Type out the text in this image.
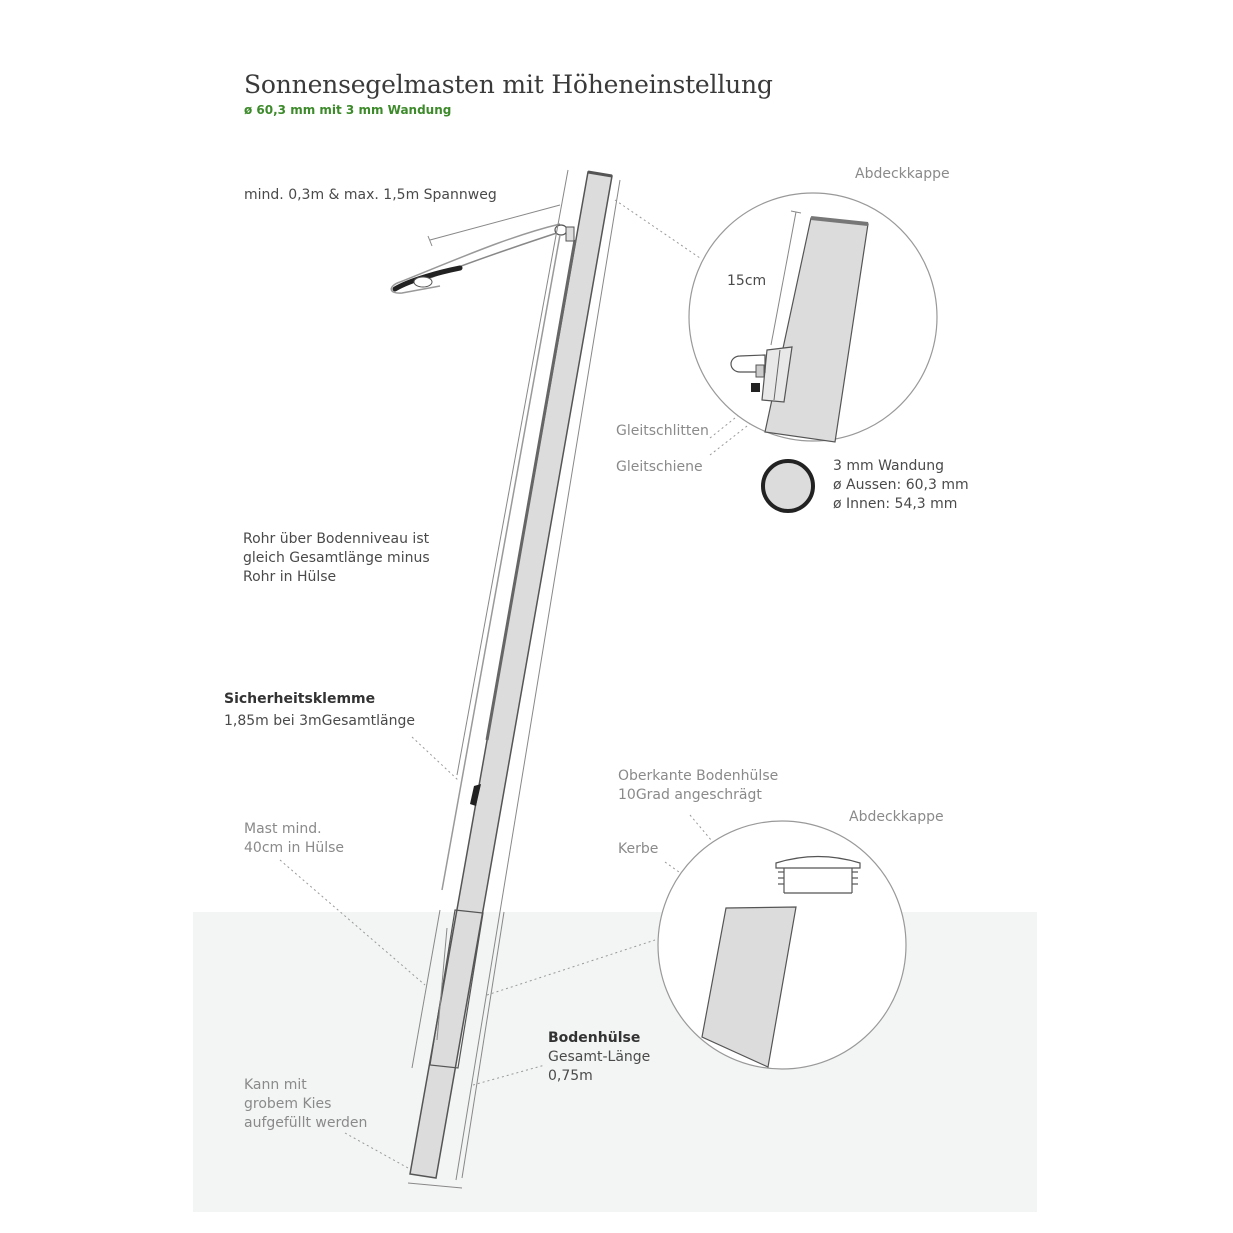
Sonnensegelmasten mit Höheneinstellung
ø 60,3 mm mit 3 mm Wandung
mind. 0,3m & max. 1,5m Spannweg
Abdeckkappe
15cm
Gleitschlitten
Gleitschiene	3 mm Wandung
ø Aussen: 60,3 mm
ø Innen: 54,3 mm
Rohr über Bodenniveau ist
gleich Gesamtlänge minus
Rohr in Hülse
Sicherheitsklemme
1,85m bei 3mGesamtlänge
Mast mind.
40cm in Hülse
Oberkante Bodenhülse
10Grad angeschrägt
Abdeckkappe
Kerbe
Bodenhülse
Gesamt-Länge
0,75m
Kann mit
grobem Kies
aufgefüllt werden
